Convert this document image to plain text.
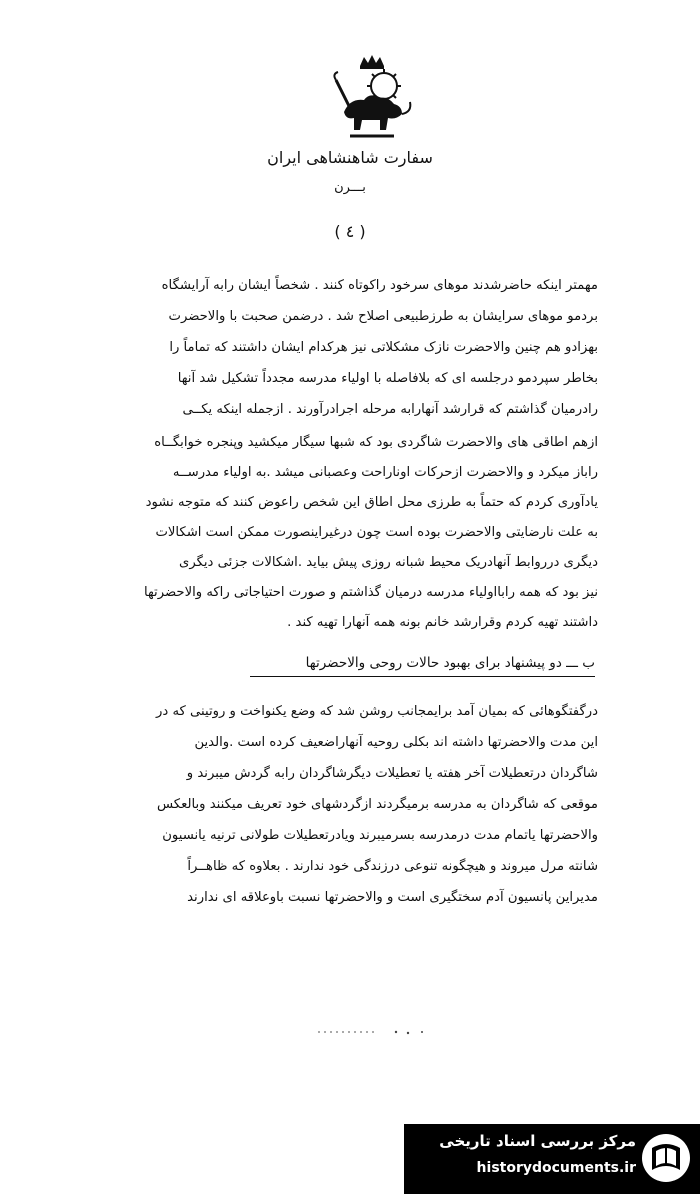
سفارت شاهنشاهی ایران
بـــرن
( ٤ )
مهمتر اینکه حاضرشدند موهای سرخود راکوتاه کنند . شخصاً ایشان رابه آرایشگاه
بردمو موهای سرایشان به طرزطبیعی اصلاح شد . درضمن صحبت با والاحضرت
بهزادو هم چنین والاحضرت نازک مشکلاتی نیز هرکدام ایشان داشتند که تماماً را
بخاطر سپردمو درجلسه ای که بلافاصله با اولیاء مدرسه مجدداً تشکیل شد آنها
رادرمیان گذاشتم که قرارشد آنهارابه مرحله اجرادرآورند . ازجمله اینکه یکــی
ازهم اطاقی های والاحضرت شاگردی بود که شبها سیگار میکشید وپنجره خوابگــاه
راباز میکرد و والاحضرت ازحرکات اوناراحت وعصبانی میشد .به اولیاء مدرســه
یادآوری کردم که حتماً به طرزی محل اطاق این شخص راعوض کنند که متوجه نشود
به علت نارضایتی والاحضرت بوده است چون درغیراینصورت ممکن است اشکالات
دیگری درروابط آنهادریک محیط شبانه روزی پیش بیاید .اشکالات جزئی دیگری
نیز بود که همه رابااولیاء مدرسه درمیان گذاشتم و صورت احتیاجاتی راکه والاحضرتها
داشتند تهیه کردم وقرارشد خانم بونه همه آنهارا تهیه کند .
ب ـــ دو پیشنهاد برای بهبود حالات روحی والاحضرتها
درگفتگوهائی که بمیان آمد برایمجانب روشن شد که وضع یکنواخت و روتینی که در
این مدت والاحضرتها داشته اند بکلی روحیه آنهاراضعیف کرده است .والدین
شاگردان درتعطیلات آخر هفته یا تعطیلات دیگرشاگردان رابه گردش میبرند و
موقعی که شاگردان به مدرسه برمیگردند ازگردشهای خود تعریف میکنند وبالعکس
والاحضرتها یاتمام مدت درمدرسه بسرمیبرند ویادرتعطیلات طولانی ترنیه یانسیون
شانته مرل میروند و هیچگونه تنوعی درزندگی خود ندارند . بعلاوه که ظاهــراً
مدیراین پانسیون آدم سختگیری است و والاحضرتها نسبت باوعلاقه ای ندارند
مرکز بررسی اسناد تاریخی
historydocuments.ir
